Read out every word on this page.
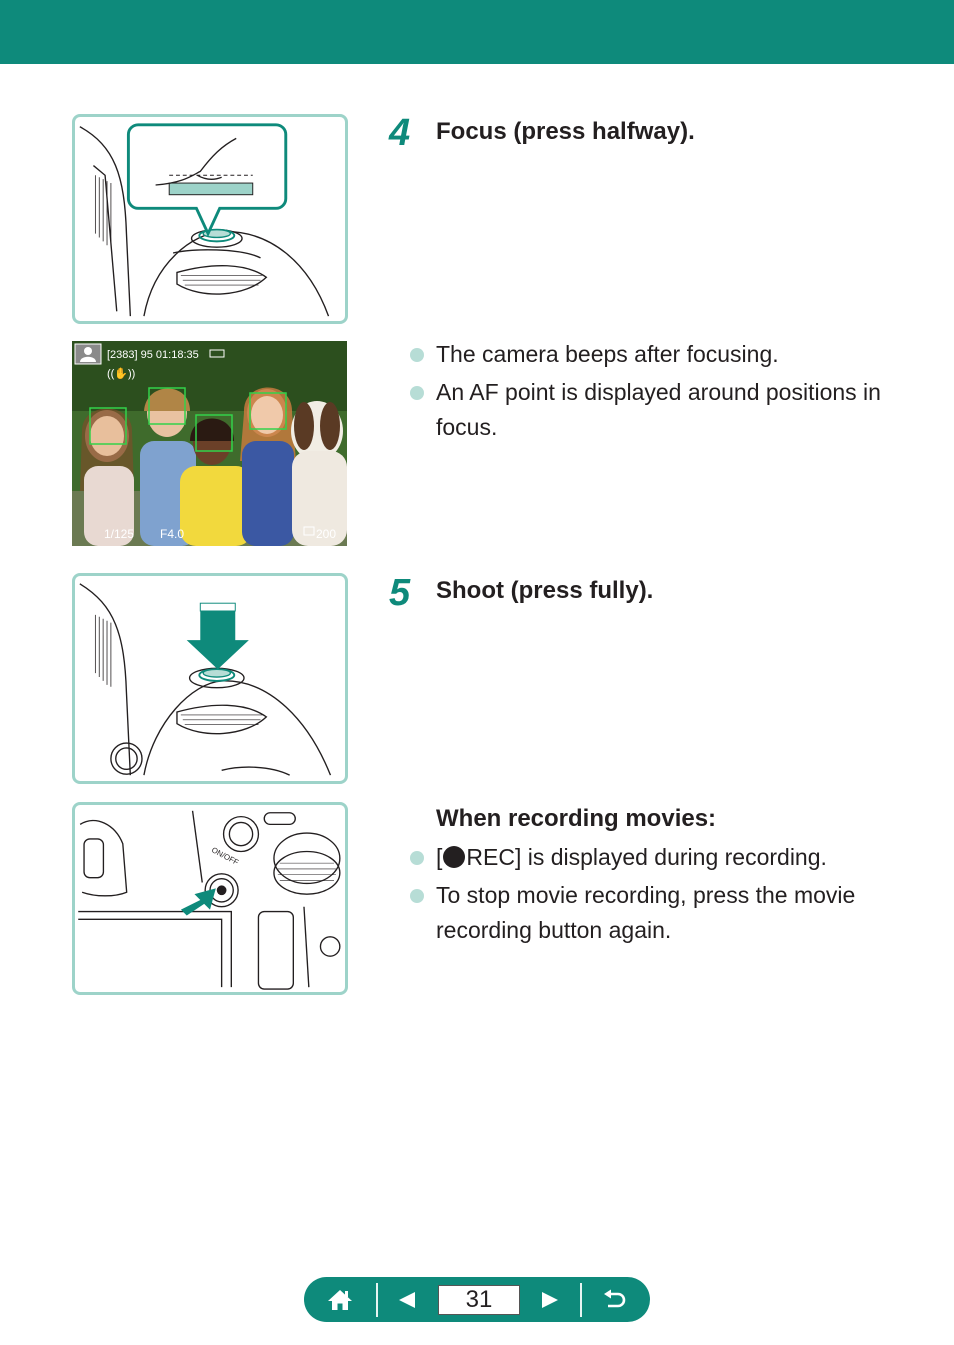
[2383] 95 01:18:35
((✋))
1/125 F4.0	200
ON/OFF
4 Focus (press halfway).
The camera beeps after focusing.
An AF point is displayed around positions in focus.
5 Shoot (press fully).
When recording movies:
[ REC] is displayed during recording.
To stop movie recording, press the movie recording button again.
31
